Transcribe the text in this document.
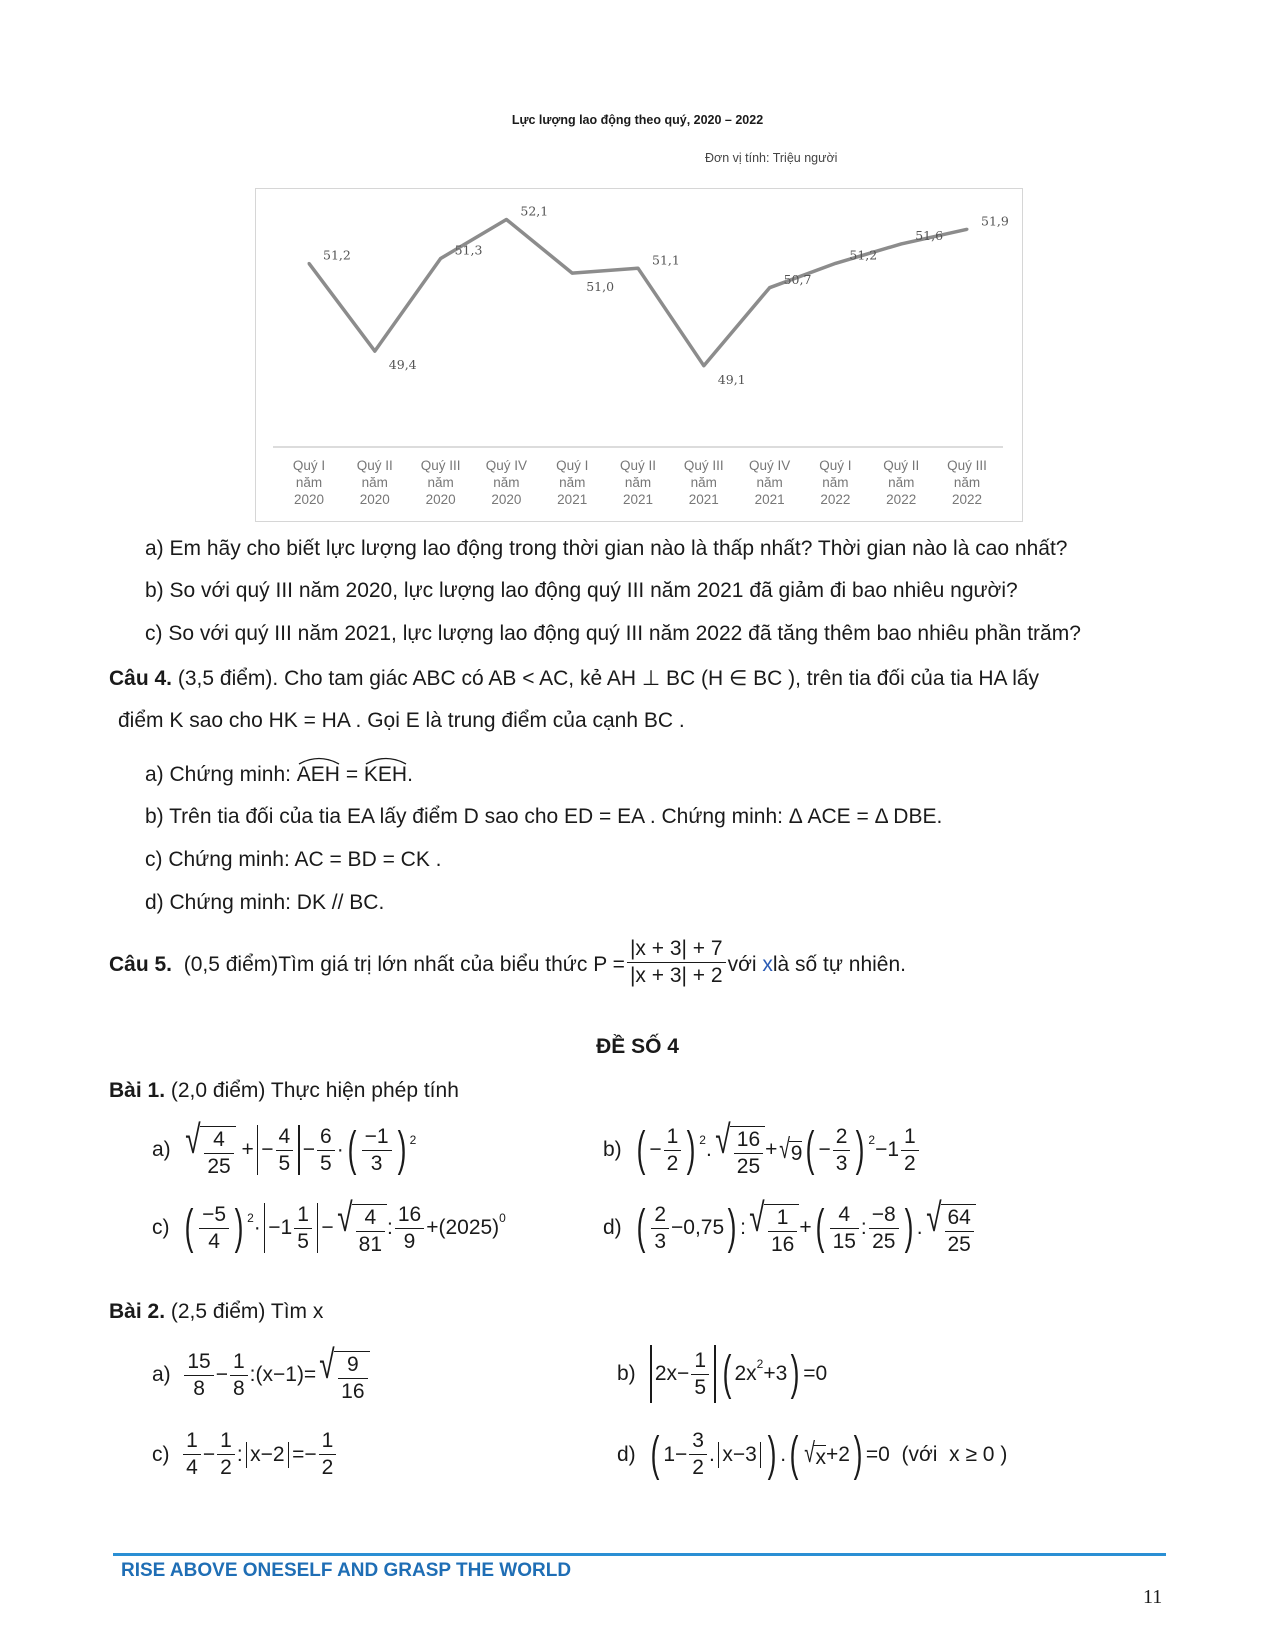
Lực lượng lao động theo quý, 2020 – 2022
Đơn vị tính: Triệu người
51,2
Quý I
năm
2020
49,4
Quý II
năm
2020
51,3
Quý III
năm
2020
52,1
Quý IV
năm
2020
51,0
Quý I
năm
2021
51,1
Quý II
năm
2021
49,1
Quý III
năm
2021
50,7
Quý IV
năm
2021
51,2
Quý I
năm
2022
51,6
Quý II
năm
2022
51,9
Quý III
năm
2022
a) Em hãy cho biết lực lượng lao động trong thời gian nào là thấp nhất? Thời gian nào là cao nhất?
b) So với quý III năm 2020, lực lượng lao động quý III năm 2021 đã giảm đi bao nhiêu người?
c) So với quý III năm 2021, lực lượng lao động quý III năm 2022 đã tăng thêm bao nhiêu phần trăm?
Câu 4. (3,5 điểm). Cho tam giác ABC có AB < AC, kẻ AH ⊥ BC (H ∈ BC ), trên tia đối của tia HA lấy
điểm K sao cho HK = HA . Gọi E là trung điểm của cạnh BC .
a) Chứng minh:
AEH =
KEH.
b) Trên tia đối của tia EA lấy điểm D sao cho ED = EA . Chứng minh: Δ ACE = Δ DBE.
c) Chứng minh: AC = BD = CK .
d) Chứng minh: DK // BC.
Câu 5.
(0,5 điểm)Tìm giá trị lớn nhất của biểu thức $P = \frac{|x + 3| + 7}{|x + 3| + 2}$ với
x là số tự nhiên.
ĐỀ SỐ 4
Bài 1. (2,0 điểm) Thực hiện phép tính
a)
√ $\frac{4}{25}$ + − $\frac{4}{5} - \frac{6}{5}$ · ( $\frac{-1}{3}$ ) $^2$	b)
( − $\frac{1}{2}$ ) $^2$ . √ $\frac{16}{25}$ + √ 9 ( − $\frac{2}{3}$ ) $^2 -1 \frac{1}{2}$
c)
( $\frac{-5}{4}$ ) $^2 \cdot -1 \frac{1}{5}$ − √ $\frac{4}{81}$ : $\frac{16}{9} +(2025)^0$	d)
( $\frac{2}{3} -0,75$ ) : √ $\frac{1}{16}$ + ( $\frac{4}{15}$ : $\frac{-8}{25}$ ) . √ $\frac{64}{25}$
Bài 2. (2,5 điểm) Tìm x
a)
$\frac{15}{8} - \frac{1}{8}$ :(x−1)= √ $\frac{9}{16}$	b)
$2x- \frac{1}{5}$ ( $2x^2 +3$ ) =0
c)
$\frac{1}{4} - \frac{1}{2}$ : $x-2 =- \frac{1}{2}$	d)
( $1- \frac{3}{2}$ . x−3 ) . ( √ x +2 ) =0  (với  x ≥ 0 )
RISE ABOVE ONESELF AND GRASP THE WORLD
11
